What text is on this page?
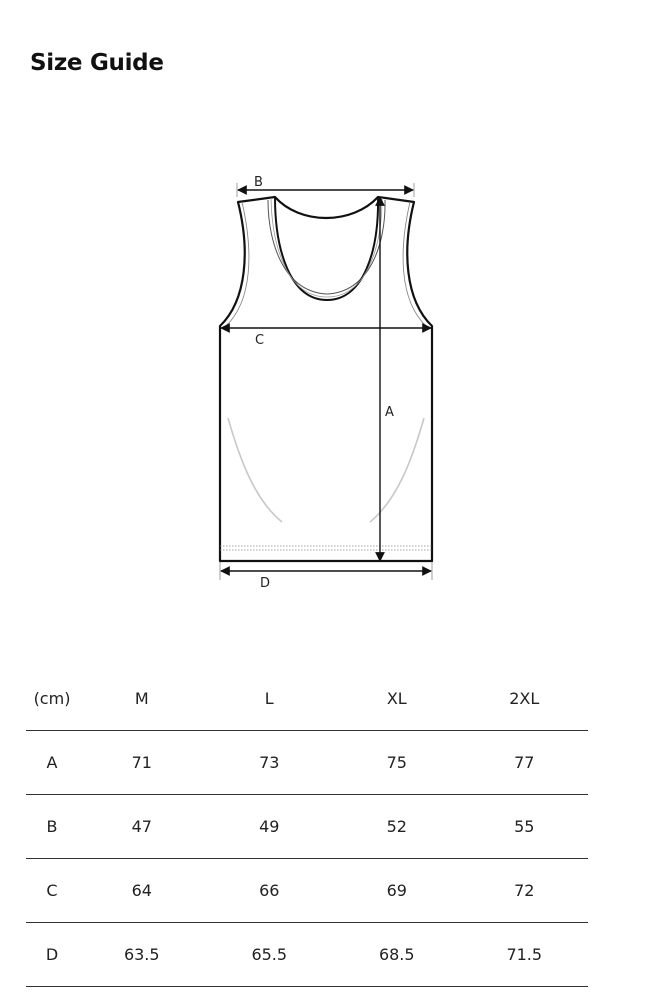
Size Guide
B
C
A
D
(cm)	M	L	XL	2XL
A	71	73	75	77
B	47	49	52	55
C	64	66	69	72
D	63.5	65.5	68.5	71.5
